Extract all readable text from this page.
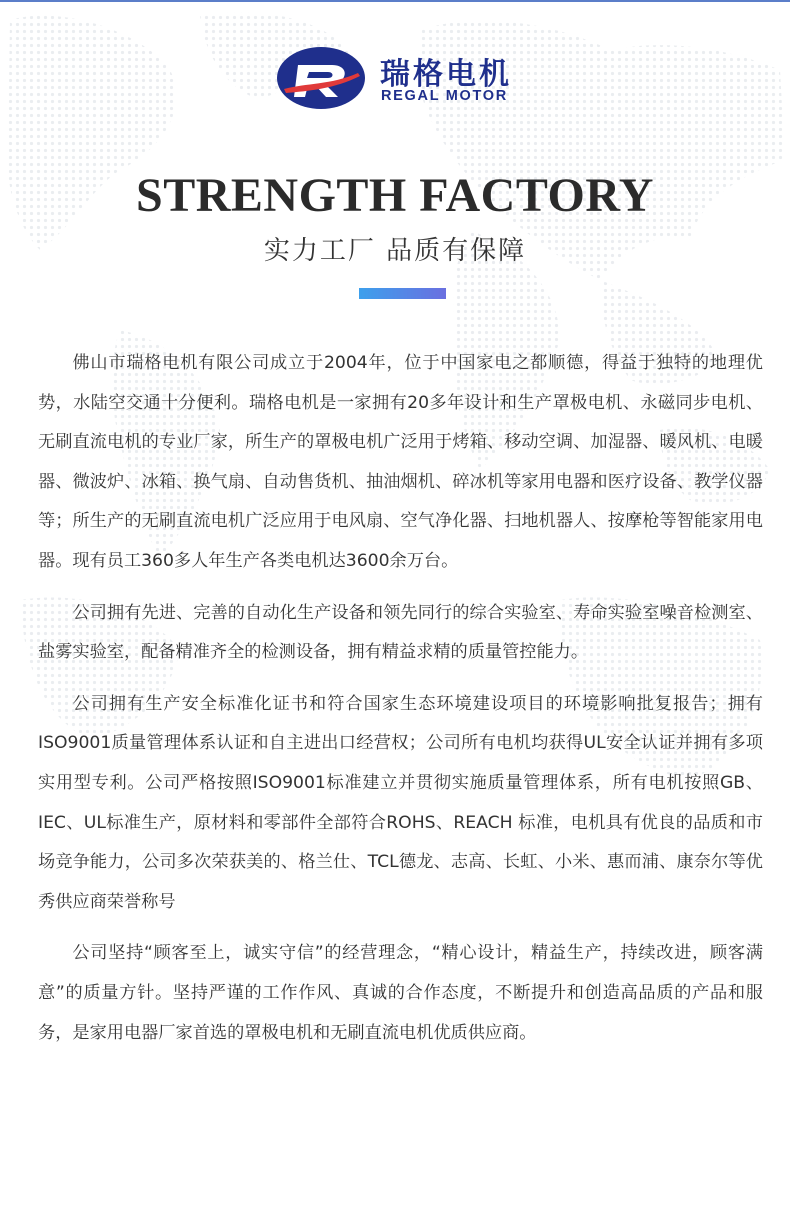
瑞格电机
REGAL MOTOR
STRENGTH FACTORY
实力工厂 品质有保障

佛山市瑞格电机有限公司成立于2004年，位于中国家电之都顺德，得益于独特的地理优势，水陆空交通十分便利。瑞格电机是一家拥有20多年设计和生产罩极电机、永磁同步电机、无刷直流电机的专业厂家，所生产的罩极电机广泛用于烤箱、移动空调、加湿器、暖风机、电暖器、微波炉、冰箱、换气扇、自动售货机、抽油烟机、碎冰机等家用电器和医疗设备、教学仪器等；所生产的无刷直流电机广泛应用于电风扇、空气净化器、扫地机器人、按摩枪等智能家用电器。现有员工360多人年生产各类电机达3600余万台。

公司拥有先进、完善的自动化生产设备和领先同行的综合实验室、寿命实验室噪音检测室、盐雾实验室，配备精准齐全的检测设备，拥有精益求精的质量管控能力。

公司拥有生产安全标准化证书和符合国家生态环境建设项目的环境影响批复报告；拥有ISO9001质量管理体系认证和自主进出口经营权；公司所有电机均获得UL安全认证并拥有多项实用型专利。公司严格按照ISO9001标准建立并贯彻实施质量管理体系，所有电机按照GB、IEC、UL标准生产，原材料和零部件全部符合ROHS、REACH 标准，电机具有优良的品质和市场竞争能力，公司多次荣获美的、格兰仕、TCL德龙、志高、长虹、小米、惠而浦、康奈尔等优秀供应商荣誉称号

公司坚持“顾客至上，诚实守信”的经营理念，“精心设计，精益生产，持续改进，顾客满意”的质量方针。坚持严谨的工作作风、真诚的合作态度，不断提升和创造高品质的产品和服务，是家用电器厂家首选的罩极电机和无刷直流电机优质供应商。
